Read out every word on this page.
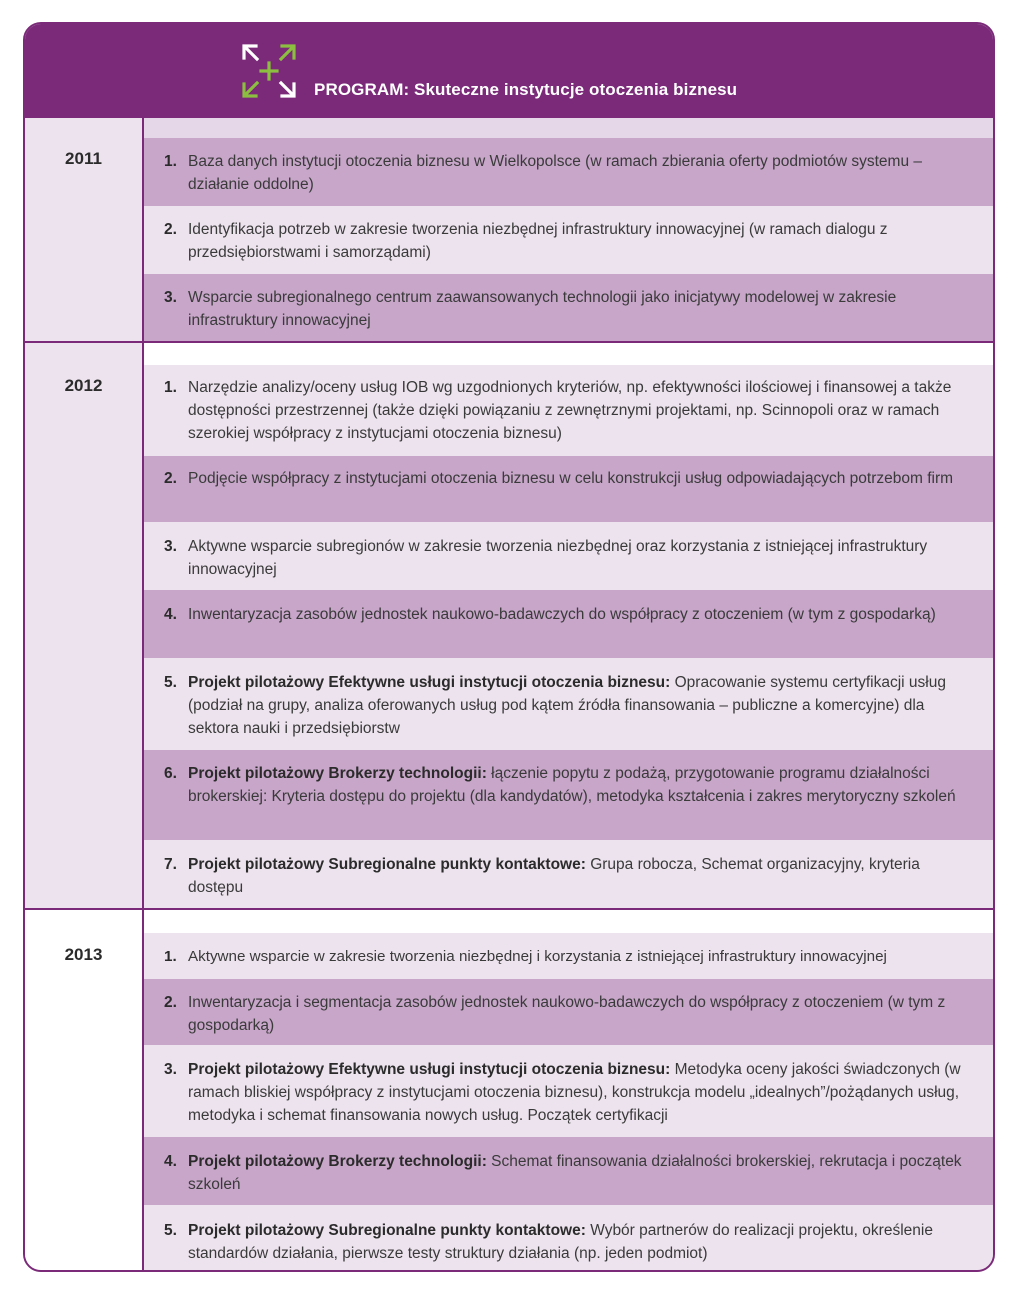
PROGRAM: Skuteczne instytucje otoczenia biznesu
2011	1. Baza danych instytucji otoczenia biznesu w Wielkopolsce (w ramach zbierania oferty podmiotów systemu – działanie oddolne)
2. Identyfikacja potrzeb w zakresie tworzenia niezbędnej infrastruktury innowacyjnej (w ramach dialogu z przedsiębiorstwami i samorządami)
3. Wsparcie subregionalnego centrum zaawansowanych technologii jako inicjatywy modelowej w zakresie infrastruktury innowacyjnej
2012	1. Narzędzie analizy/oceny usług IOB wg uzgodnionych kryteriów, np. efektywności ilościowej i finansowej a także dostępności przestrzennej (także dzięki powiązaniu z zewnętrznymi projektami, np. Scinnopoli oraz w ramach szerokiej współpracy z instytucjami otoczenia biznesu)
2. Podjęcie współpracy z instytucjami otoczenia biznesu w celu konstrukcji usług odpowiadających potrzebom firm
3. Aktywne wsparcie subregionów w zakresie tworzenia niezbędnej oraz korzystania z istniejącej infrastruktury innowacyjnej
4. Inwentaryzacja zasobów jednostek naukowo-badawczych do współpracy z otoczeniem (w tym z gospodarką)
5. Projekt pilotażowy Efektywne usługi instytucji otoczenia biznesu: Opracowanie systemu certyfikacji usług (podział na grupy, analiza oferowanych usług pod kątem źródła finansowania – publiczne a komercyjne) dla sektora nauki i przedsiębiorstw
6. Projekt pilotażowy Brokerzy technologii: łączenie popytu z podażą, przygotowanie programu działalności brokerskiej: Kryteria dostępu do projektu (dla kandydatów), metodyka kształcenia i zakres merytoryczny szkoleń
7. Projekt pilotażowy Subregionalne punkty kontaktowe: Grupa robocza, Schemat organizacyjny, kryteria dostępu
2013	1. Aktywne wsparcie w zakresie tworzenia niezbędnej i korzystania z istniejącej infrastruktury innowacyjnej
2. Inwentaryzacja i segmentacja zasobów jednostek naukowo-badawczych do współpracy z otoczeniem (w tym z gospodarką)
3. Projekt pilotażowy Efektywne usługi instytucji otoczenia biznesu: Metodyka oceny jakości świadczonych (w ramach bliskiej współpracy z instytucjami otoczenia biznesu), konstrukcja modelu „idealnych”/pożądanych usług, metodyka i schemat finansowania nowych usług. Początek certyfikacji
4. Projekt pilotażowy Brokerzy technologii: Schemat finansowania działalności brokerskiej, rekrutacja i początek szkoleń
5. Projekt pilotażowy Subregionalne punkty kontaktowe: Wybór partnerów do realizacji projektu, określenie standardów działania, pierwsze testy struktury działania (np. jeden podmiot)
